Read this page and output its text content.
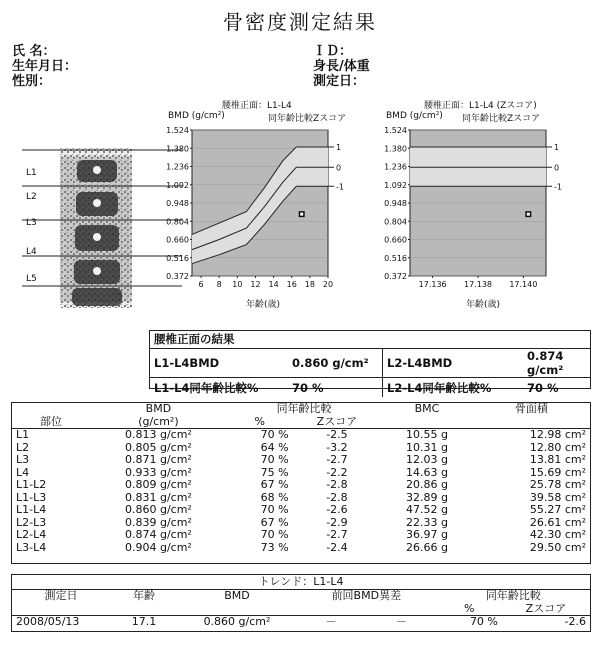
骨密度測定結果
氏 名：
生年月日：
性別：
ＩＤ：
身長/体重
測定日：
L1
L2
L3
L4
L5
腰椎正面：L1-L4
BMD (g/cm²)	同年齢比較Zスコア
年齢(歳)
腰椎正面：L1-L4 (Zスコア)
BMD (g/cm²) 同年齢比較Zスコア
年齢(歳)
1.524
1.380
1.236
1.092
0.948
0.804
0.660
0.516
0.372
6 8 10 12 14 16 18 20
1
0
-1
1.524
1.380
1.236
1.092
0.948
0.804
0.660
0.516
0.372
17.136 17.138 17.140
1
0
-1
腰椎正面の結果
L1-L4BMD	0.860 g/cm²	L2-L4BMD	0.874 g/cm²
L1-L4同年齢比較%	70 %	L2-L4同年齢比較%	70 %
	BMD	同年齢比較		BMC	骨面積
部位	(g/cm²)	%	Zスコア		
L1	0.813 g/cm²	70 %	-2.5	10.55 g	12.98 cm²
L2	0.805 g/cm²	64 %	-3.2	10.31 g	12.80 cm²
L3	0.871 g/cm²	70 %	-2.7	12.03 g	13.81 cm²
L4	0.933 g/cm²	75 %	-2.2	14.63 g	15.69 cm²
L1-L2	0.809 g/cm²	67 %	-2.8	20.86 g	25.78 cm²
L1-L3	0.831 g/cm²	68 %	-2.8	32.89 g	39.58 cm²
L1-L4	0.860 g/cm²	70 %	-2.6	47.52 g	55.27 cm²
L2-L3	0.839 g/cm²	67 %	-2.9	22.33 g	26.61 cm²
L2-L4	0.874 g/cm²	70 %	-2.7	36.97 g	42.30 cm²
L3-L4	0.904 g/cm²	73 %	-2.4	26.66 g	29.50 cm²
トレンド：L1-L4
測定日	年齢	BMD	前回BMD異差		同年齢比較	
					%	Zスコア
2008/05/13	17.1	0.860 g/cm²	－	－	70 %	-2.6
